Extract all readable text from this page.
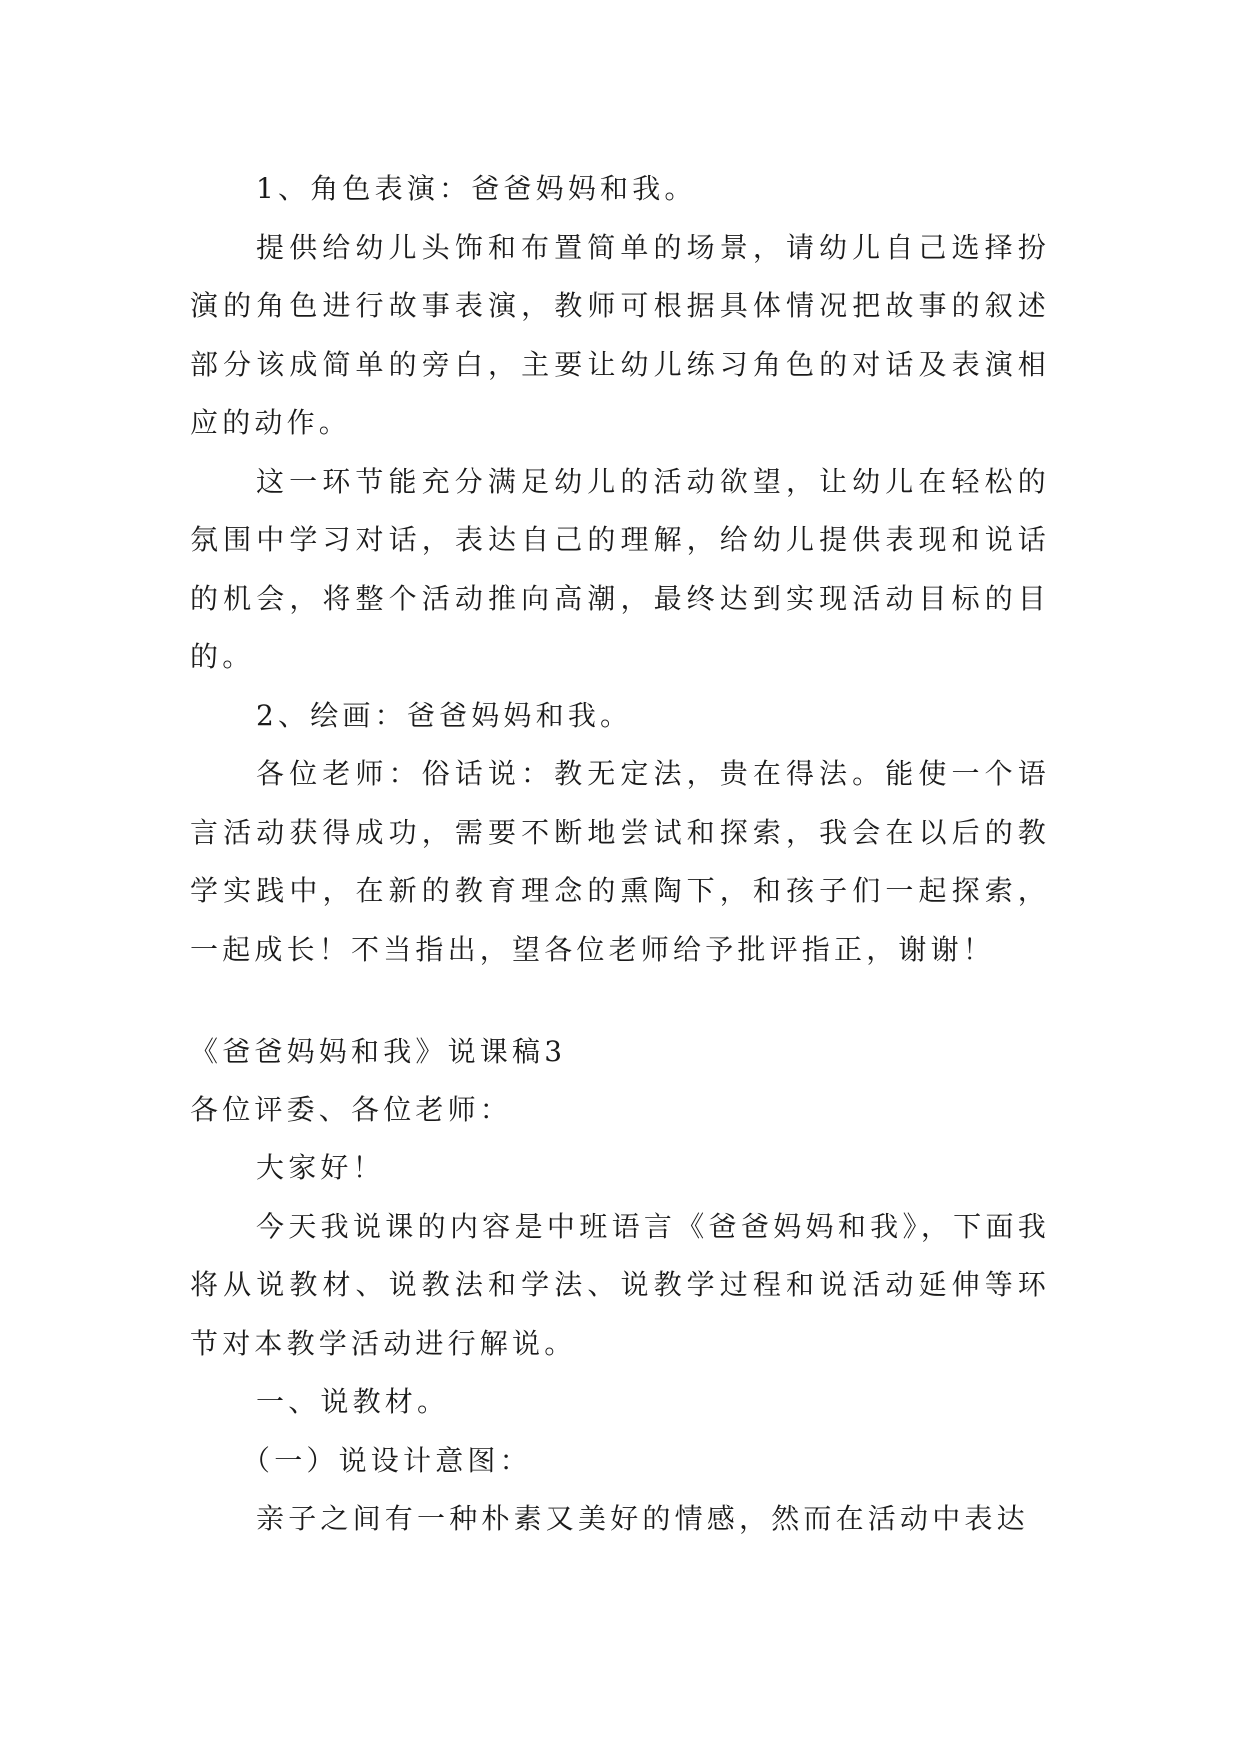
1、角色表演：爸爸妈妈和我。

提供给幼儿头饰和布置简单的场景，请幼儿自己选择扮演的角色进行故事表演，教师可根据具体情况把故事的叙述部分该成简单的旁白，主要让幼儿练习角色的对话及表演相应的动作。

这一环节能充分满足幼儿的活动欲望，让幼儿在轻松的氛围中学习对话，表达自己的理解，给幼儿提供表现和说话的机会，将整个活动推向高潮，最终达到实现活动目标的目的。

2、绘画：爸爸妈妈和我。

各位老师：俗话说：教无定法，贵在得法。能使一个语言活动获得成功，需要不断地尝试和探索，我会在以后的教学实践中，在新的教育理念的熏陶下，和孩子们一起探索，一起成长！不当指出，望各位老师给予批评指正，谢谢！

《爸爸妈妈和我》说课稿3

各位评委、各位老师：

大家好！

今天我说课的内容是中班语言《爸爸妈妈和我》，下面我将从说教材、说教法和学法、说教学过程和说活动延伸等环节对本教学活动进行解说。

一、说教材。

（一）说设计意图：

亲子之间有一种朴素又美好的情感，然而在活动中表达
